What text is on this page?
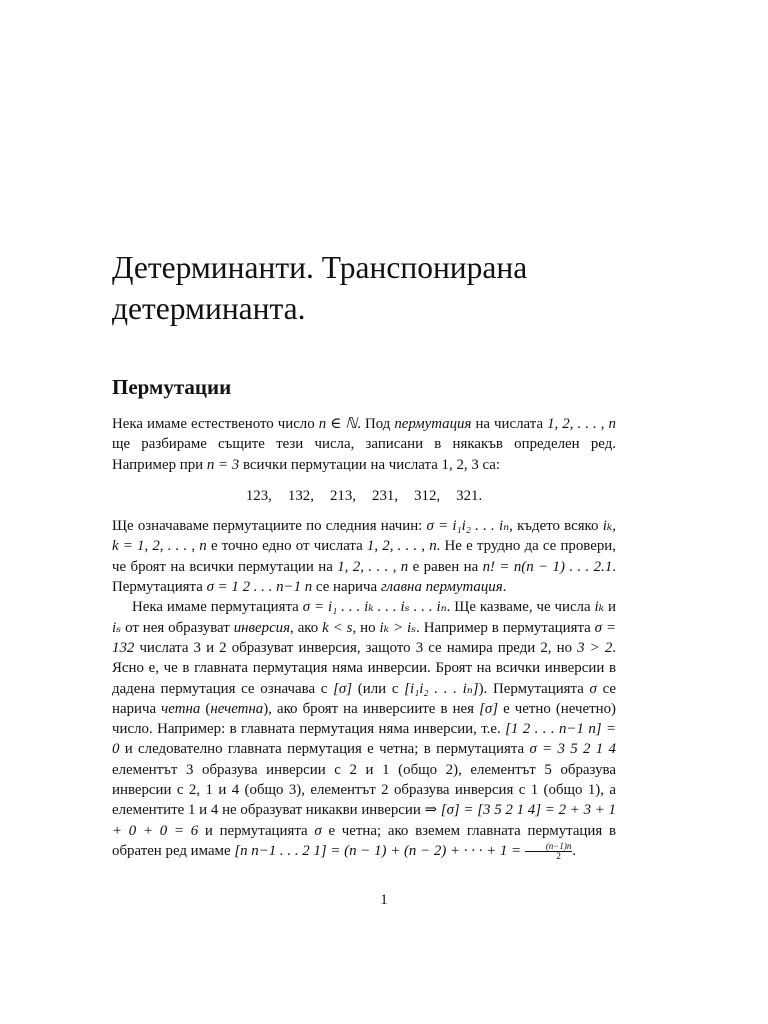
Детерминанти. Транспонирана детерминанта.
Пермутации

Нека имаме естественото число n ∈ ℕ. Под пермутация на числата 1, 2, . . . , n ще разбираме същите тези числа, записани в някакъв определен ред. Например при n = 3 всички пермутации на числата 1, 2, 3 са:

123, 132, 213, 231, 312, 321.

Ще означаваме пермутациите по следния начин: σ = i₁i₂ . . . iₙ, където всяко iₖ, k = 1, 2, . . . , n е точно едно от числата 1, 2, . . . , n. Не е трудно да се провери, че броят на всички пермутации на 1, 2, . . . , n е равен на n! = n(n − 1) . . . 2.1. Пермутацията σ = 1 2 . . . n−1 n се нарича главна пермутация.

Нека имаме пермутацията σ = i₁ . . . iₖ . . . iₛ . . . iₙ. Ще казваме, че числа iₖ и iₛ от нея образуват инверсия, ако k < s, но iₖ > iₛ. Например в пермутацията σ = 132 числата 3 и 2 образуват инверсия, защото 3 се намира преди 2, но 3 > 2. Ясно е, че в главната пермутация няма инверсии. Броят на всички инверсии в дадена пермутация се означава с [σ] (или с [i₁i₂ . . . iₙ]). Пермутацията σ се нарича четна (нечетна), ако броят на инверсиите в нея [σ] е четно (нечетно) число. Например: в главната пермутация няма инверсии, т.е. [1 2 . . . n−1 n] = 0 и следователно главната пермутация е четна; в пермутацията σ = 3 5 2 1 4 елементът 3 образува инверсии с 2 и 1 (общо 2), елементът 5 образува инверсии с 2, 1 и 4 (общо 3), елементът 2 образува инверсия с 1 (общо 1), а елементите 1 и 4 не образуват никакви инверсии ⇒ [σ] = [3 5 2 1 4] = 2 + 3 + 1 + 0 + 0 = 6 и пермутацията σ е четна; ако вземем главната пермутация в обратен ред имаме [n n−1 . . . 2 1] = (n − 1) + (n − 2) + · · · + $1 = \frac{(n-1)n}{2}$ .

1
